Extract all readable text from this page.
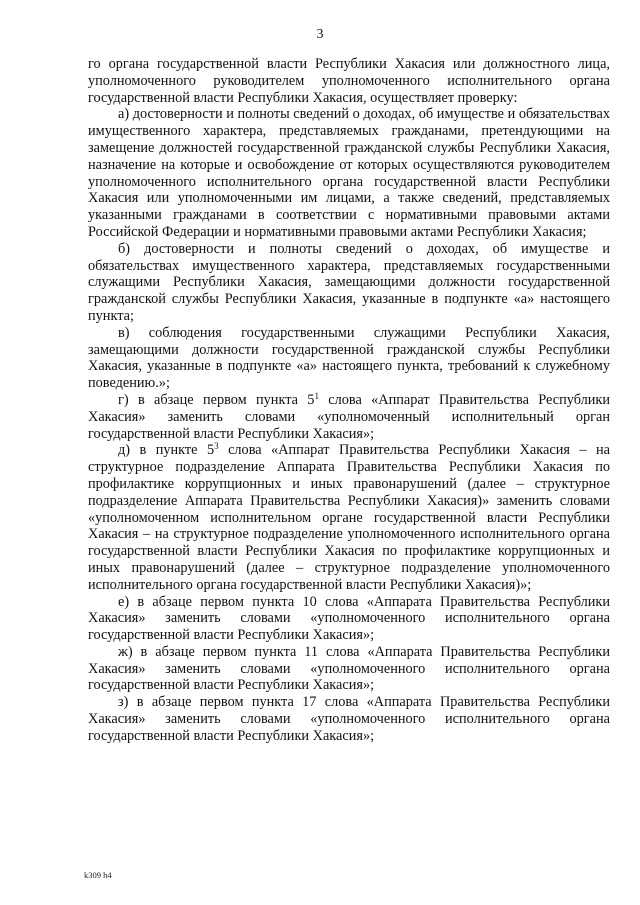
3

го органа государственной власти Республики Хакасия или должностного лица, уполномоченного руководителем уполномоченного исполнительного органа государственной власти Республики Хакасия, осуществляет проверку:

а) достоверности и полноты сведений о доходах, об имуществе и обязательствах имущественного характера, представляемых гражданами, претендующими на замещение должностей государственной гражданской службы Республики Хакасия, назначение на которые и освобождение от которых осуществляются руководителем уполномоченного исполнительного органа государственной власти Республики Хакасия или уполномоченными им лицами, а также сведений, представляемых указанными гражданами в соответствии с нормативными правовыми актами Российской Федерации и нормативными правовыми актами Республики Хакасия;

б) достоверности и полноты сведений о доходах, об имуществе и обязательствах имущественного характера, представляемых государственными служащими Республики Хакасия, замещающими должности государственной гражданской службы Республики Хакасия, указанные в подпункте «а» настоящего пункта;

в) соблюдения государственными служащими Республики Хакасия, замещающими должности государственной гражданской службы Республики Хакасия, указанные в подпункте «а» настоящего пункта, требований к служебному поведению.»;

г) в абзаце первом пункта $5^1$ слова «Аппарат Правительства Республики Хакасия» заменить словами «уполномоченный исполнительный орган государственной власти Республики Хакасия»;

д) в пункте $5^3$ слова «Аппарат Правительства Республики Хакасия – на структурное подразделение Аппарата Правительства Республики Хакасия по профилактике коррупционных и иных правонарушений (далее – структурное подразделение Аппарата Правительства Республики Хакасия)» заменить словами «уполномоченном исполнительном органе государственной власти Республики Хакасия – на структурное подразделение уполномоченного исполнительного органа государственной власти Республики Хакасия по профилактике коррупционных и иных правонарушений (далее – структурное подразделение уполномоченного исполнительного органа государственной власти Республики Хакасия)»;

е) в абзаце первом пункта 10 слова «Аппарата Правительства Республики Хакасия» заменить словами «уполномоченного исполнительного органа государственной власти Республики Хакасия»;

ж) в абзаце первом пункта 11 слова «Аппарата Правительства Республики Хакасия» заменить словами «уполномоченного исполнительного органа государственной власти Республики Хакасия»;

з) в абзаце первом пункта 17 слова «Аппарата Правительства Республики Хакасия» заменить словами «уполномоченного исполнительного органа государственной власти Республики Хакасия»;

k309 h4
